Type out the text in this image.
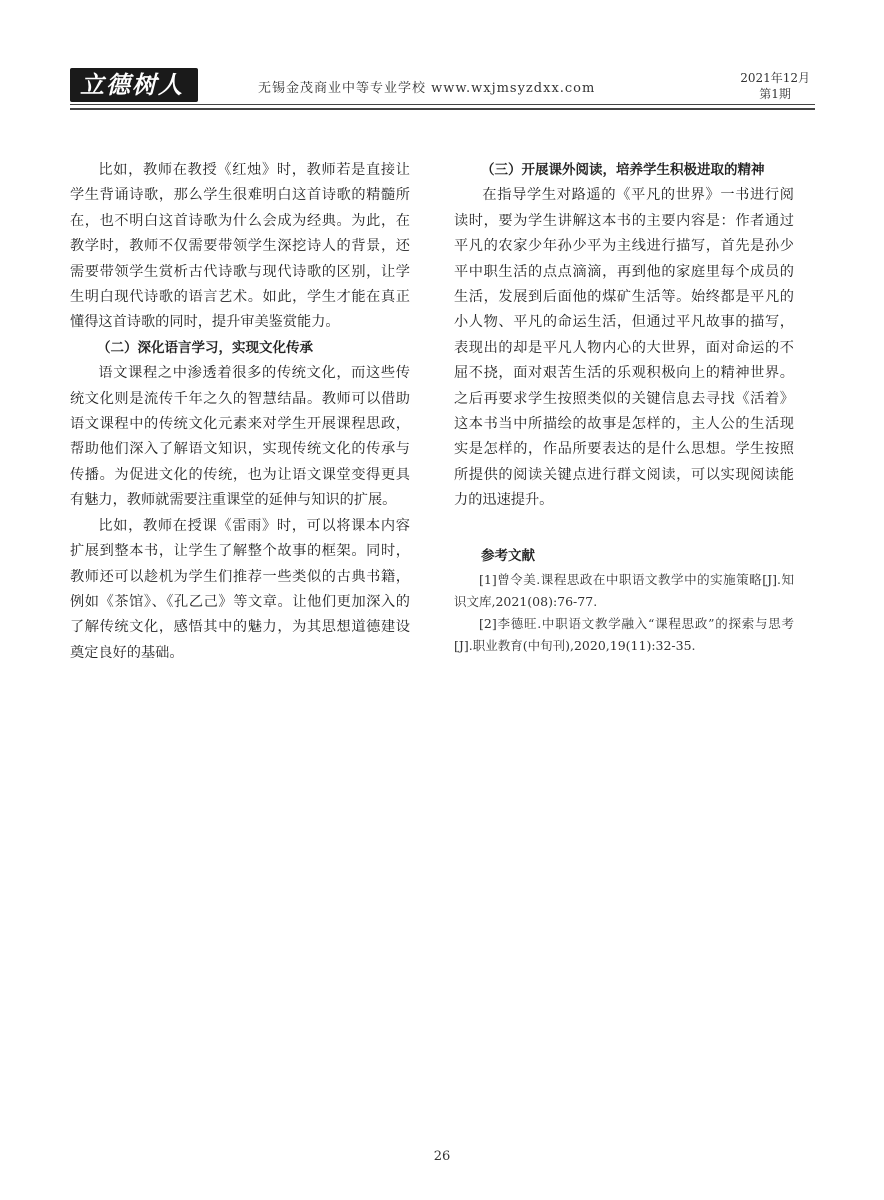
立德树人	无锡金茂商业中等专业学校 www.wxjmsyzdxx.com
2021年12月
第1期

比如，教师在教授《红烛》时，教师若是直接让学生背诵诗歌，那么学生很难明白这首诗歌的精髓所在，也不明白这首诗歌为什么会成为经典。为此，在教学时，教师不仅需要带领学生深挖诗人的背景，还需要带领学生赏析古代诗歌与现代诗歌的区别，让学生明白现代诗歌的语言艺术。如此，学生才能在真正懂得这首诗歌的同时，提升审美鉴赏能力。

（二）深化语言学习，实现文化传承

语文课程之中渗透着很多的传统文化，而这些传统文化则是流传千年之久的智慧结晶。教师可以借助语文课程中的传统文化元素来对学生开展课程思政，帮助他们深入了解语文知识，实现传统文化的传承与传播。为促进文化的传统，也为让语文课堂变得更具有魅力，教师就需要注重课堂的延伸与知识的扩展。

比如，教师在授课《雷雨》时，可以将课本内容扩展到整本书，让学生了解整个故事的框架。同时，教师还可以趁机为学生们推荐一些类似的古典书籍，例如《茶馆》、《孔乙己》等文章。让他们更加深入的了解传统文化，感悟其中的魅力，为其思想道德建设奠定良好的基础。

（三）开展课外阅读，培养学生积极进取的精神

在指导学生对路遥的《平凡的世界》一书进行阅读时，要为学生讲解这本书的主要内容是：作者通过平凡的农家少年孙少平为主线进行描写，首先是孙少平中职生活的点点滴滴，再到他的家庭里每个成员的生活，发展到后面他的煤矿生活等。始终都是平凡的小人物、平凡的命运生活，但通过平凡故事的描写，表现出的却是平凡人物内心的大世界，面对命运的不屈不挠，面对艰苦生活的乐观积极向上的精神世界。之后再要求学生按照类似的关键信息去寻找《活着》这本书当中所描绘的故事是怎样的，主人公的生活现实是怎样的，作品所要表达的是什么思想。学生按照所提供的阅读关键点进行群文阅读，可以实现阅读能力的迅速提升。

参考文献

[1]曾令美.课程思政在中职语文教学中的实施策略[J].知识文库,2021(08):76-77.

[2]李德旺.中职语文教学融入“课程思政”的探索与思考[J].职业教育(中旬刊),2020,19(11):32-35.

26
